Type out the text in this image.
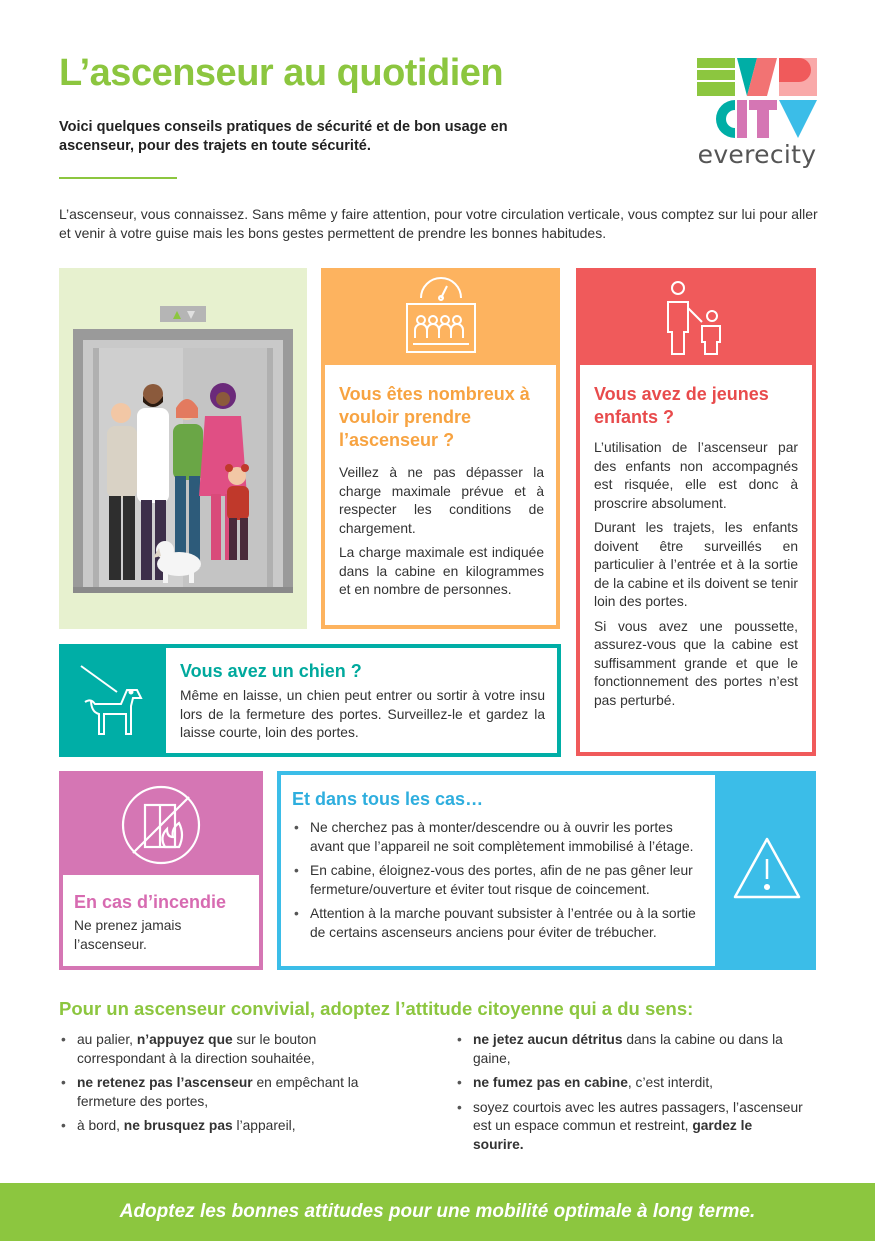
L’ascenseur au quotidien

Voici quelques conseils pratiques de sécurité et de bon usage en ascenseur, pour des trajets en toute sécurité.

L’ascenseur, vous connaissez. Sans même y faire attention, pour votre circulation verticale, vous comptez sur lui pour aller et venir à votre guise mais les bons gestes permettent de prendre les bonnes habitudes.

everecity
Vous êtes nombreux à vouloir prendre l’ascenseur ?

Veillez à ne pas dépasser la charge maximale prévue et à respecter les conditions de chargement.

La charge maximale est indiquée dans la cabine en kilogrammes et en nombre de personnes.

Vous avez de jeunes enfants ?

L’utilisation de l’ascenseur par des enfants non accompagnés est risquée, elle est donc à proscrire absolument.

Durant les trajets, les enfants doivent être surveillés en particulier à l’entrée et à la sortie de la cabine et ils doivent se tenir loin des portes.

Si vous avez une poussette, assurez-vous que la cabine est suffisamment grande et que le fonctionnement des portes n’est pas perturbé.

Vous avez un chien ?

Même en laisse, un chien peut entrer ou sortir à votre insu lors de la fermeture des portes. Surveillez-le et gardez la laisse courte, loin des portes.

En cas d’incendie

Ne prenez jamais l’ascenseur.

Et dans tous les cas…
• Ne cherchez pas à monter/descendre ou à ouvrir les portes avant que l’appareil ne soit complètement immobilisé à l’étage.
• En cabine, éloignez-vous des portes, afin de ne pas gêner leur fermeture/ouverture et éviter tout risque de coincement.
• Attention à la marche pouvant subsister à l’entrée ou à la sortie de certains ascenseurs anciens pour éviter de trébucher.
Pour un ascenseur convivial, adoptez l’attitude citoyenne qui a du sens:
• au palier, n’appuyez que sur le bouton correspondant à la direction souhaitée,
• ne retenez pas l’ascenseur en empêchant la fermeture des portes,
• à bord, ne brusquez pas l’appareil,
• ne jetez aucun détritus dans la cabine ou dans la gaine,
• ne fumez pas en cabine, c’est interdit,
• soyez courtois avec les autres passagers, l’ascenseur est un espace commun et restreint, gardez le sourire.
Adoptez les bonnes attitudes pour une mobilité optimale à long terme.
